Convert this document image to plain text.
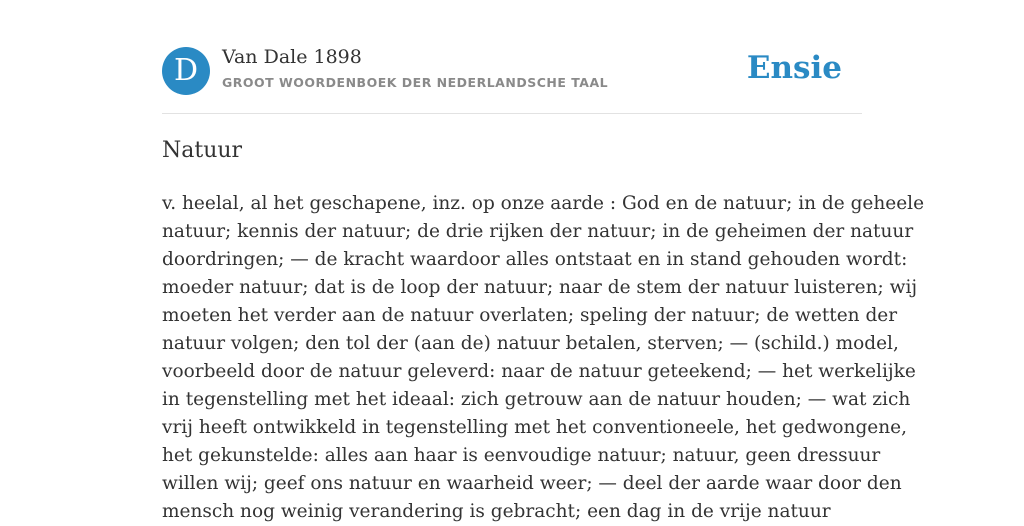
D	Van Dale 1898
GROOT WOORDENBOEK DER NEDERLANDSCHE TAAL	Ensie
Natuur
v. heelal, al het geschapene, inz. op onze aarde : God en de natuur; in de geheele
natuur; kennis der natuur; de drie rijken der natuur; in de geheimen der natuur
doordringen; — de kracht waardoor alles ontstaat en in stand gehouden wordt:
moeder natuur; dat is de loop der natuur; naar de stem der natuur luisteren; wij
moeten het verder aan de natuur overlaten; speling der natuur; de wetten der
natuur volgen; den tol der (aan de) natuur betalen, sterven; — (schild.) model,
voorbeeld door de natuur geleverd: naar de natuur geteekend; — het werkelijke
in tegenstelling met het ideaal: zich getrouw aan de natuur houden; — wat zich
vrij heeft ontwikkeld in tegenstelling met het conventioneele, het gedwongene,
het gekunstelde: alles aan haar is eenvoudige natuur; natuur, geen dressuur
willen wij; geef ons natuur en waarheid weer; — deel der aarde waar door den
mensch nog weinig verandering is gebracht; een dag in de vrije natuur
